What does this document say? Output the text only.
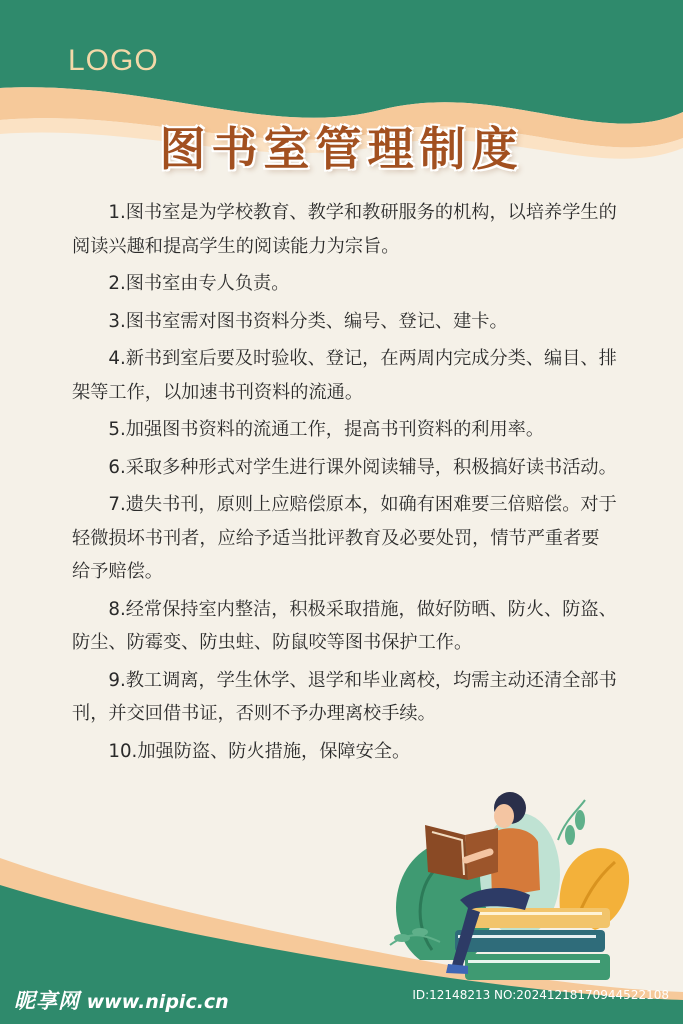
LOGO
图书室管理制度

1.图书室是为学校教育、教学和教研服务的机构，以培养学生的阅读兴趣和提高学生的阅读能力为宗旨。

2.图书室由专人负责。

3.图书室需对图书资料分类、编号、登记、建卡。

4.新书到室后要及时验收、登记，在两周内完成分类、编目、排架等工作，以加速书刊资料的流通。

5.加强图书资料的流通工作，提高书刊资料的利用率。

6.采取多种形式对学生进行课外阅读辅导，积极搞好读书活动。

7.遗失书刊，原则上应赔偿原本，如确有困难要三倍赔偿。对于轻微损坏书刊者，应给予适当批评教育及必要处罚，情节严重者要给予赔偿。

8.经常保持室内整洁，积极采取措施，做好防晒、防火、防盗、防尘、防霉变、防虫蛀、防鼠咬等图书保护工作。

9.教工调离，学生休学、退学和毕业离校，均需主动还清全部书刊，并交回借书证，否则不予办理离校手续。

10.加强防盗、防火措施，保障安全。

昵享网 www.nipic.cn	ID:12148213 NO:20241218170944522108
